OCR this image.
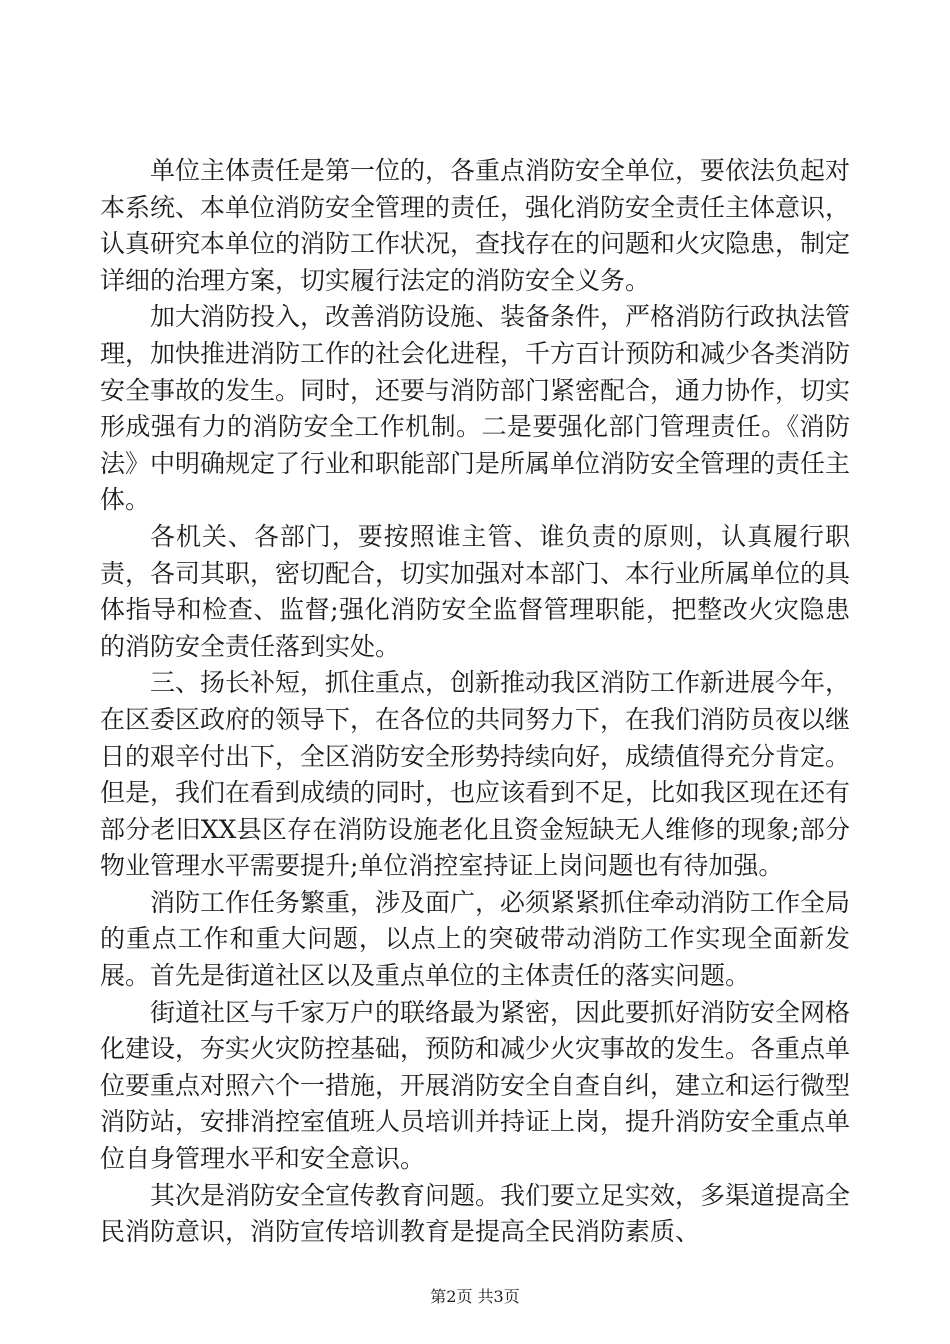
单位主体责任是第一位的，各重点消防安全单位，要依法负起对本系统、本单位消防安全管理的责任，强化消防安全责任主体意识，认真研究本单位的消防工作状况，查找存在的问题和火灾隐患，制定详细的治理方案，切实履行法定的消防安全义务。

加大消防投入，改善消防设施、装备条件，严格消防行政执法管理，加快推进消防工作的社会化进程，千方百计预防和减少各类消防安全事故的发生。同时，还要与消防部门紧密配合，通力协作，切实形成强有力的消防安全工作机制。二是要强化部门管理责任。《消防法》中明确规定了行业和职能部门是所属单位消防安全管理的责任主体。

各机关、各部门，要按照谁主管、谁负责的原则，认真履行职责，各司其职，密切配合，切实加强对本部门、本行业所属单位的具体指导和检查、监督;强化消防安全监督管理职能，把整改火灾隐患的消防安全责任落到实处。

三、扬长补短，抓住重点，创新推动我区消防工作新进展今年，在区委区政府的领导下，在各位的共同努力下，在我们消防员夜以继日的艰辛付出下，全区消防安全形势持续向好，成绩值得充分肯定。但是，我们在看到成绩的同时，也应该看到不足，比如我区现在还有部分老旧XX县区存在消防设施老化且资金短缺无人维修的现象;部分物业管理水平需要提升;单位消控室持证上岗问题也有待加强。

消防工作任务繁重，涉及面广，必须紧紧抓住牵动消防工作全局的重点工作和重大问题，以点上的突破带动消防工作实现全面新发展。首先是街道社区以及重点单位的主体责任的落实问题。

街道社区与千家万户的联络最为紧密，因此要抓好消防安全网格化建设，夯实火灾防控基础，预防和减少火灾事故的发生。各重点单位要重点对照六个一措施，开展消防安全自查自纠，建立和运行微型消防站，安排消控室值班人员培训并持证上岗，提升消防安全重点单位自身管理水平和安全意识。

其次是消防安全宣传教育问题。我们要立足实效，多渠道提高全民消防意识，消防宣传培训教育是提高全民消防素质、

第2页 共3页
